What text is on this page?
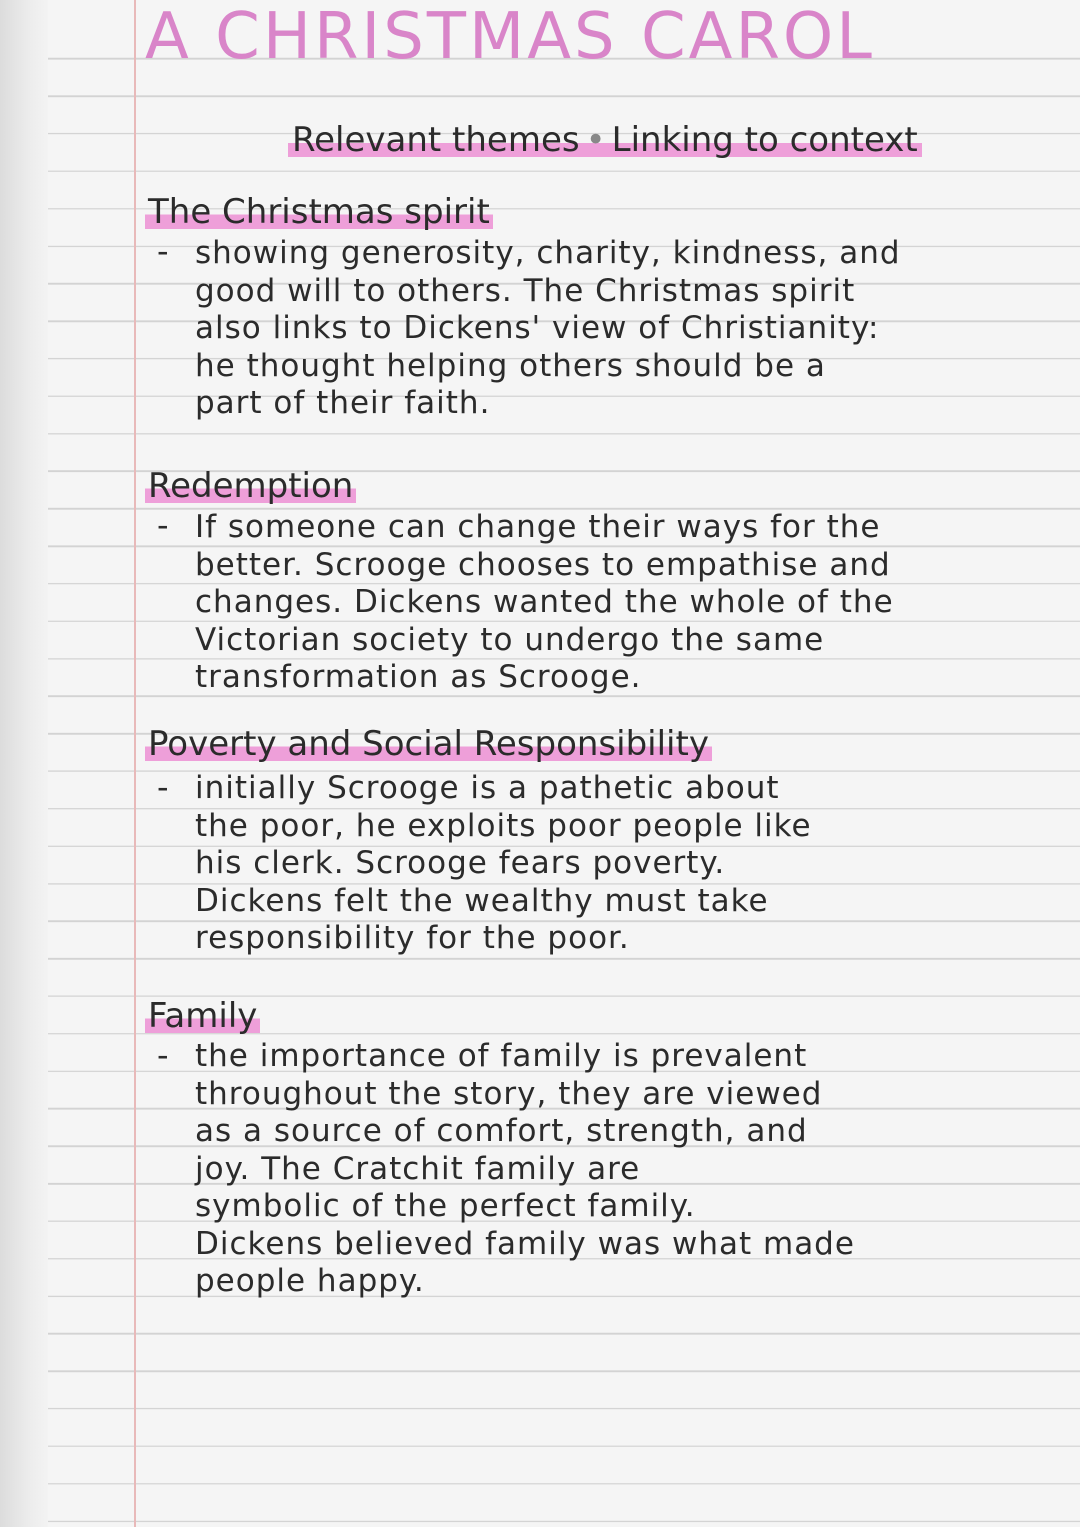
A CHRISTMAS CAROL
Relevant themes • Linking to context
The Christmas spirit
- showing generosity, charity, kindness, and
good will to others. The Christmas spirit
also links to Dickens' view of Christianity:
he thought helping others should be a
part of their faith.
Redemption
- If someone can change their ways for the
better. Scrooge chooses to empathise and
changes. Dickens wanted the whole of the
Victorian society to undergo the same
transformation as Scrooge.
Poverty and Social Responsibility
- initially Scrooge is a pathetic about
the poor, he exploits poor people like
his clerk. Scrooge fears poverty.
Dickens felt the wealthy must take
responsibility for the poor.
Family
- the importance of family is prevalent
throughout the story, they are viewed
as a source of comfort, strength, and
joy. The Cratchit family are
symbolic of the perfect family.
Dickens believed family was what made
people happy.
